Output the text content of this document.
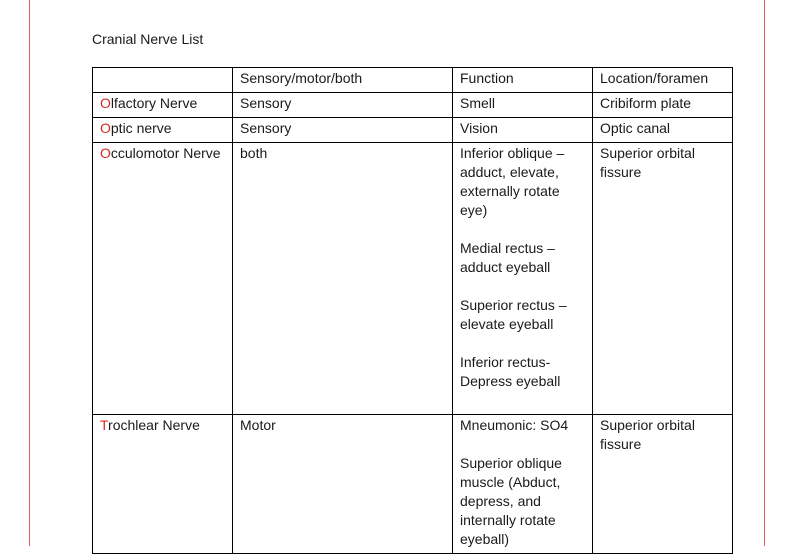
Cranial Nerve List
	Sensory/motor/both	Function	Location/foramen
Olfactory Nerve	Sensory	Smell	Cribiform plate
Optic nerve	Sensory	Vision	Optic canal
Occulomotor Nerve	both	Inferior oblique – adduct, elevate, externally rotate eye)

Medial rectus – adduct eyeball

Superior rectus – elevate eyeball

Inferior rectus-Depress eyeball	Superior orbital fissure
Trochlear Nerve	Motor	Mneumonic: SO4

Superior oblique muscle (Abduct, depress, and internally rotate eyeball)	Superior orbital fissure
